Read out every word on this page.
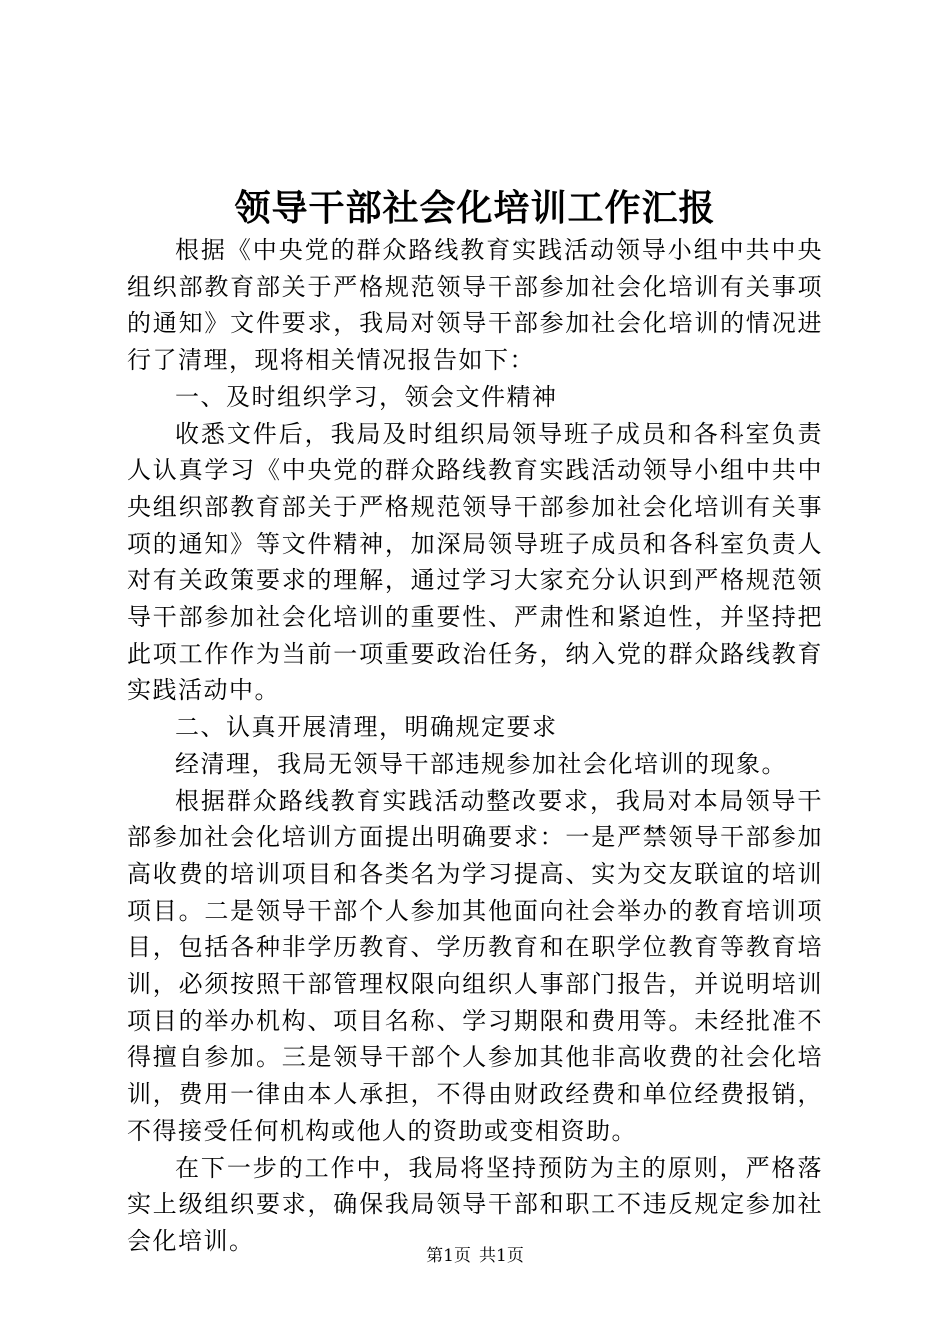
领导干部社会化培训工作汇报

根据《中央党的群众路线教育实践活动领导小组中共中央组织部教育部关于严格规范领导干部参加社会化培训有关事项的通知》文件要求，我局对领导干部参加社会化培训的情况进行了清理，现将相关情况报告如下：

一、及时组织学习，领会文件精神

收悉文件后，我局及时组织局领导班子成员和各科室负责人认真学习《中央党的群众路线教育实践活动领导小组中共中央组织部教育部关于严格规范领导干部参加社会化培训有关事项的通知》等文件精神，加深局领导班子成员和各科室负责人对有关政策要求的理解，通过学习大家充分认识到严格规范领导干部参加社会化培训的重要性、严肃性和紧迫性，并坚持把此项工作作为当前一项重要政治任务，纳入党的群众路线教育实践活动中。

二、认真开展清理，明确规定要求

经清理，我局无领导干部违规参加社会化培训的现象。

根据群众路线教育实践活动整改要求，我局对本局领导干部参加社会化培训方面提出明确要求：一是严禁领导干部参加高收费的培训项目和各类名为学习提高、实为交友联谊的培训项目。二是领导干部个人参加其他面向社会举办的教育培训项目，包括各种非学历教育、学历教育和在职学位教育等教育培训，必须按照干部管理权限向组织人事部门报告，并说明培训项目的举办机构、项目名称、学习期限和费用等。未经批准不得擅自参加。三是领导干部个人参加其他非高收费的社会化培训，费用一律由本人承担，不得由财政经费和单位经费报销，不得接受任何机构或他人的资助或变相资助。

在下一步的工作中，我局将坚持预防为主的原则，严格落实上级组织要求，确保我局领导干部和职工不违反规定参加社会化培训。

第1页 共1页
